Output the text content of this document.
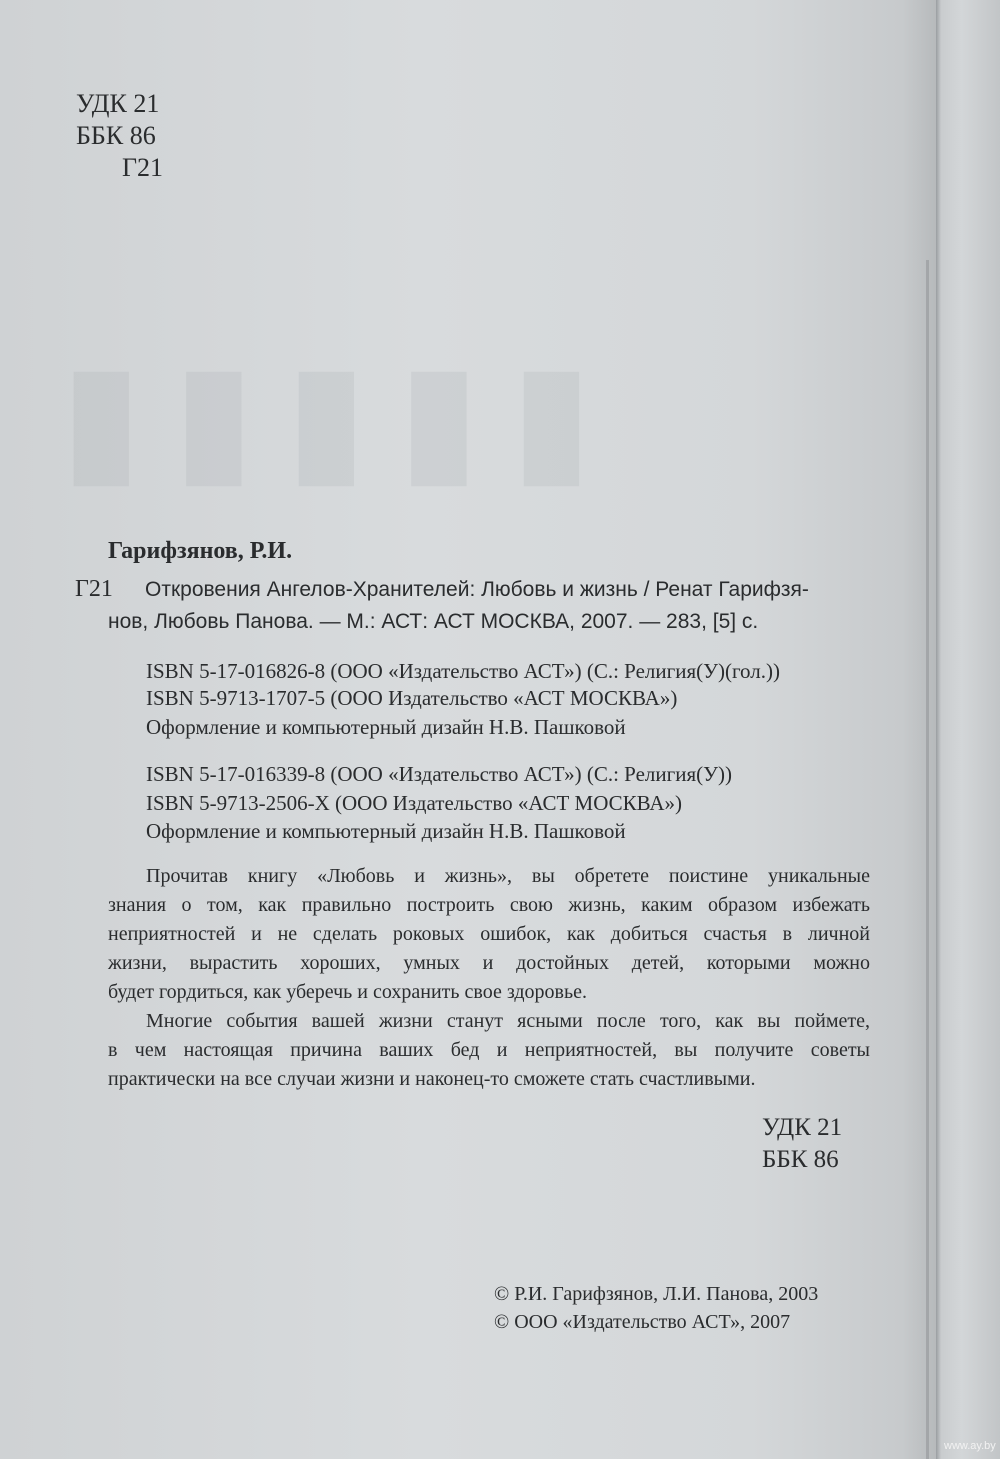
▮▮▮▮▮
УДК 21
ББК 86
Г21
Гарифзянов, Р.И.
Г21 Откровения Ангелов-Хранителей: Любовь и жизнь / Ренат Гарифзя-
нов, Любовь Панова. — М.: АСТ: АСТ МОСКВА, 2007. — 283, [5] с.
ISBN 5-17-016826-8 (ООО «Издательство АСТ») (С.: Религия(У)(гол.))
ISBN 5-9713-1707-5 (ООО Издательство «АСТ МОСКВА»)
Оформление и компьютерный дизайн Н.В. Пашковой
ISBN 5-17-016339-8 (ООО «Издательство АСТ») (С.: Религия(У))
ISBN 5-9713-2506-X (ООО Издательство «АСТ МОСКВА»)
Оформление и компьютерный дизайн Н.В. Пашковой
Прочитав книгу «Любовь и жизнь», вы обретете поистине уникальные
знания о том, как правильно построить свою жизнь, каким образом избежать
неприятностей и не сделать роковых ошибок, как добиться счастья в личной
жизни, вырастить хороших, умных и достойных детей, которыми можно
будет гордиться, как уберечь и сохранить свое здоровье.
Многие события вашей жизни станут ясными после того, как вы поймете,
в чем настоящая причина ваших бед и неприятностей, вы получите советы
практически на все случаи жизни и наконец-то сможете стать счастливыми.
УДК 21
ББК 86
© Р.И. Гарифзянов, Л.И. Панова, 2003
© ООО «Издательство АСТ», 2007
www.ay.by
